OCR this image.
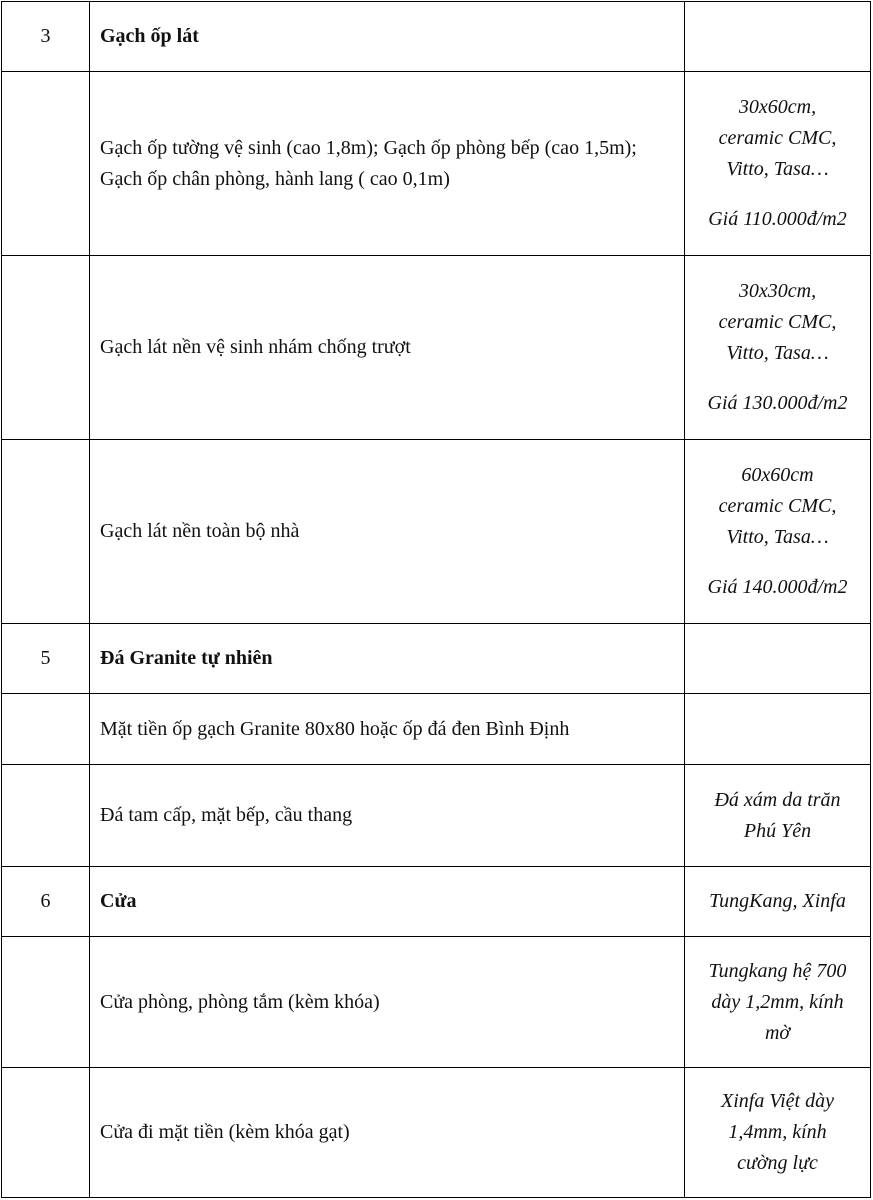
3	Gạch ốp lát	
	Gạch ốp tường vệ sinh (cao 1,8m); Gạch ốp phòng bếp (cao 1,5m); Gạch ốp chân phòng, hành lang ( cao 0,1m)	30x60cm,
ceramic CMC,
Vitto, Tasa…
Giá 110.000đ/m2

	Gạch lát nền vệ sinh nhám chống trượt	30x30cm,
ceramic CMC,
Vitto, Tasa…
Giá 130.000đ/m2

	Gạch lát nền toàn bộ nhà	60x60cm
ceramic CMC,
Vitto, Tasa…
Giá 140.000đ/m2

5	Đá Granite tự nhiên	
	Mặt tiền ốp gạch Granite 80x80 hoặc ốp đá đen Bình Định	
	Đá tam cấp, mặt bếp, cầu thang	Đá xám da trăn
Phú Yên

6	Cửa	TungKang, Xinfa

	Cửa phòng, phòng tắm (kèm khóa)	Tungkang hệ 700
dày 1,2mm, kính
mờ

	Cửa đi mặt tiền (kèm khóa gạt)	Xinfa Việt dày
1,4mm, kính
cường lực
